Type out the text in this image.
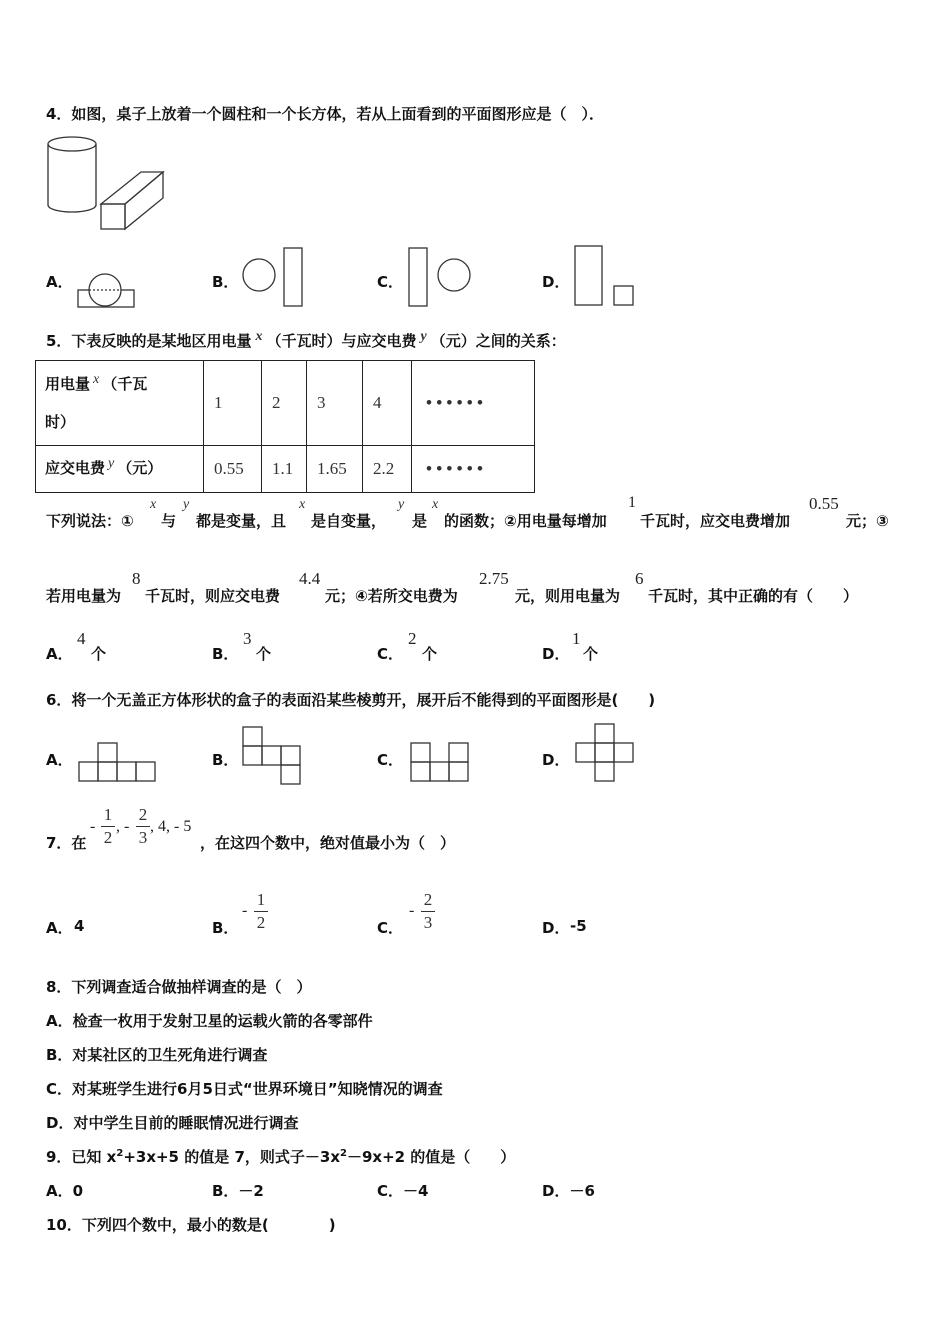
4．如图，桌子上放着一个圆柱和一个长方体，若从上面看到的平面图形应是（　）．
A．	B．	C．	D．
5．下表反映的是某地区用电量 x （千瓦时）与应交电费 y （元）之间的关系：
用电量 x （千瓦
时）	1	2	3	4	• • • • • •
应交电费 y （元）	0.55	1.1	1.65	2.2	• • • • • •
下列说法：①
x
与
y
都是变量，且
x
是自变量，
y
是
x
的函数；②用电量每增加
1
千瓦时，应交电费增加
0.55
元；③
若用电量为
8
千瓦时，则应交电费
4.4
元；④若所交电费为
2.75
元，则用电量为
6
千瓦时，其中正确的有（　　）
A．
4
个	B．
3
个	C．
2
个	D．
1
个
6．将一个无盖正方体形状的盒子的表面沿某些棱剪开，展开后不能得到的平面图形是(　　)
A．	B．	C．	D．
7．在
-
1
2
, -
2
3
, 4, - 5
，在这四个数中，绝对值最小为（　）
A． 4	B．
-
1
2	C．
-
2
3	D． -5
8．下列调查适合做抽样调查的是（　）
A．检查一枚用于发射卫星的运载火箭的各零部件
B．对某社区的卫生死角进行调查
C．对某班学生进行6月5日式“世界环境日”知晓情况的调查
D．对中学生目前的睡眠情况进行调查
9．已知 $x^2+3x+5$ 的值是 7，则式子$-3x^2-9x+2$ 的值是（　　）
A．0	B．－2	C．－4	D．－6
10．下列四个数中，最小的数是(　　　　)
